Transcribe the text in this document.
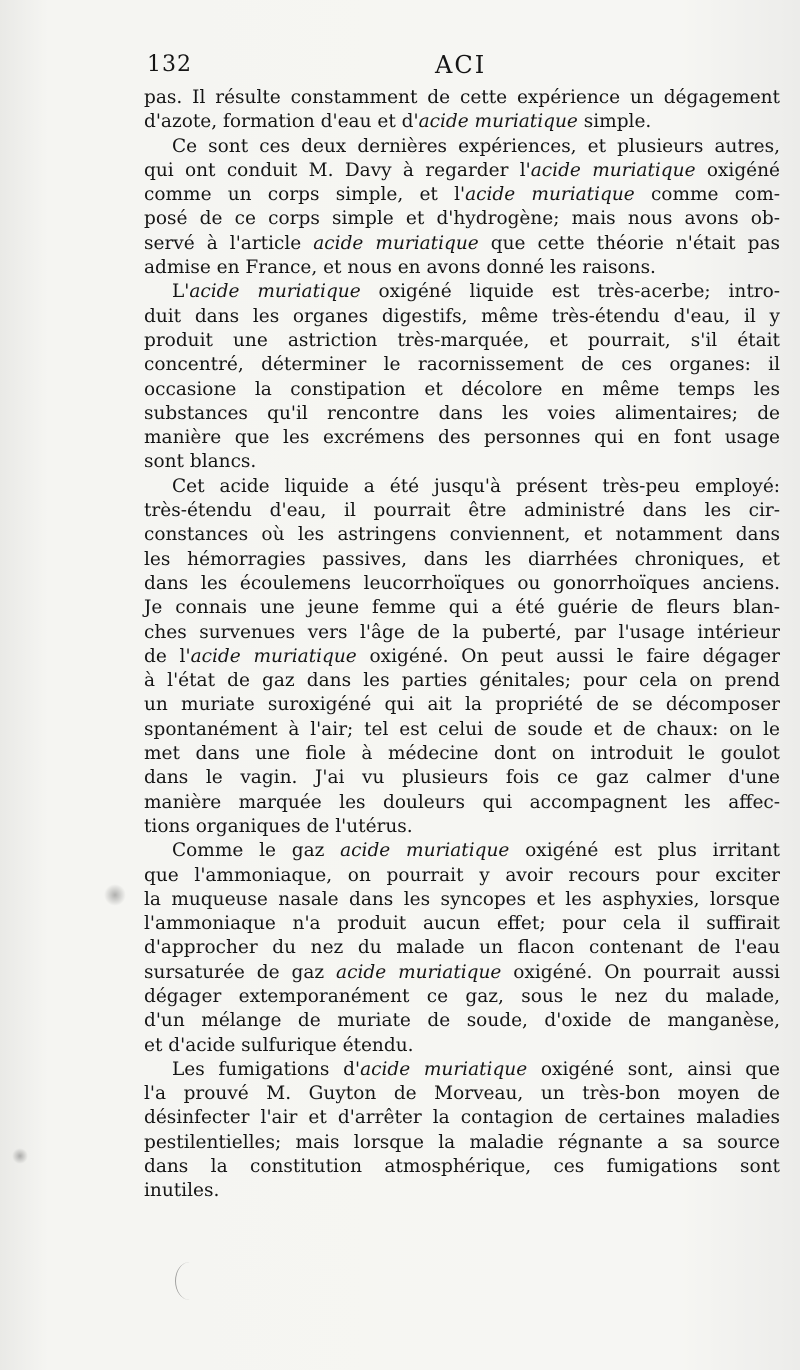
132	ACI
pas. Il résulte constamment de cette expérience un dégagement
d'azote, formation d'eau et d'acide muriatique simple.
Ce sont ces deux dernières expériences, et plusieurs autres,
qui ont conduit M. Davy à regarder l'acide muriatique oxigéné
comme un corps simple, et l'acide muriatique comme com-
posé de ce corps simple et d'hydrogène; mais nous avons ob-
servé à l'article acide muriatique que cette théorie n'était pas
admise en France, et nous en avons donné les raisons.
L'acide muriatique oxigéné liquide est très-acerbe; intro-
duit dans les organes digestifs, même très-étendu d'eau, il y
produit une astriction très-marquée, et pourrait, s'il était
concentré, déterminer le racornissement de ces organes: il
occasione la constipation et décolore en même temps les
substances qu'il rencontre dans les voies alimentaires; de
manière que les excrémens des personnes qui en font usage
sont blancs.
Cet acide liquide a été jusqu'à présent très-peu employé:
très-étendu d'eau, il pourrait être administré dans les cir-
constances où les astringens conviennent, et notamment dans
les hémorragies passives, dans les diarrhées chroniques, et
dans les écoulemens leucorrhoïques ou gonorrhoïques anciens.
Je connais une jeune femme qui a été guérie de fleurs blan-
ches survenues vers l'âge de la puberté, par l'usage intérieur
de l'acide muriatique oxigéné. On peut aussi le faire dégager
à l'état de gaz dans les parties génitales; pour cela on prend
un muriate suroxigéné qui ait la propriété de se décomposer
spontanément à l'air; tel est celui de soude et de chaux: on le
met dans une fiole à médecine dont on introduit le goulot
dans le vagin. J'ai vu plusieurs fois ce gaz calmer d'une
manière marquée les douleurs qui accompagnent les affec-
tions organiques de l'utérus.
Comme le gaz acide muriatique oxigéné est plus irritant
que l'ammoniaque, on pourrait y avoir recours pour exciter
la muqueuse nasale dans les syncopes et les asphyxies, lorsque
l'ammoniaque n'a produit aucun effet; pour cela il suffirait
d'approcher du nez du malade un flacon contenant de l'eau
sursaturée de gaz acide muriatique oxigéné. On pourrait aussi
dégager extemporanément ce gaz, sous le nez du malade,
d'un mélange de muriate de soude, d'oxide de manganèse,
et d'acide sulfurique étendu.
Les fumigations d'acide muriatique oxigéné sont, ainsi que
l'a prouvé M. Guyton de Morveau, un très-bon moyen de
désinfecter l'air et d'arrêter la contagion de certaines maladies
pestilentielles; mais lorsque la maladie régnante a sa source
dans la constitution atmosphérique, ces fumigations sont
inutiles.
